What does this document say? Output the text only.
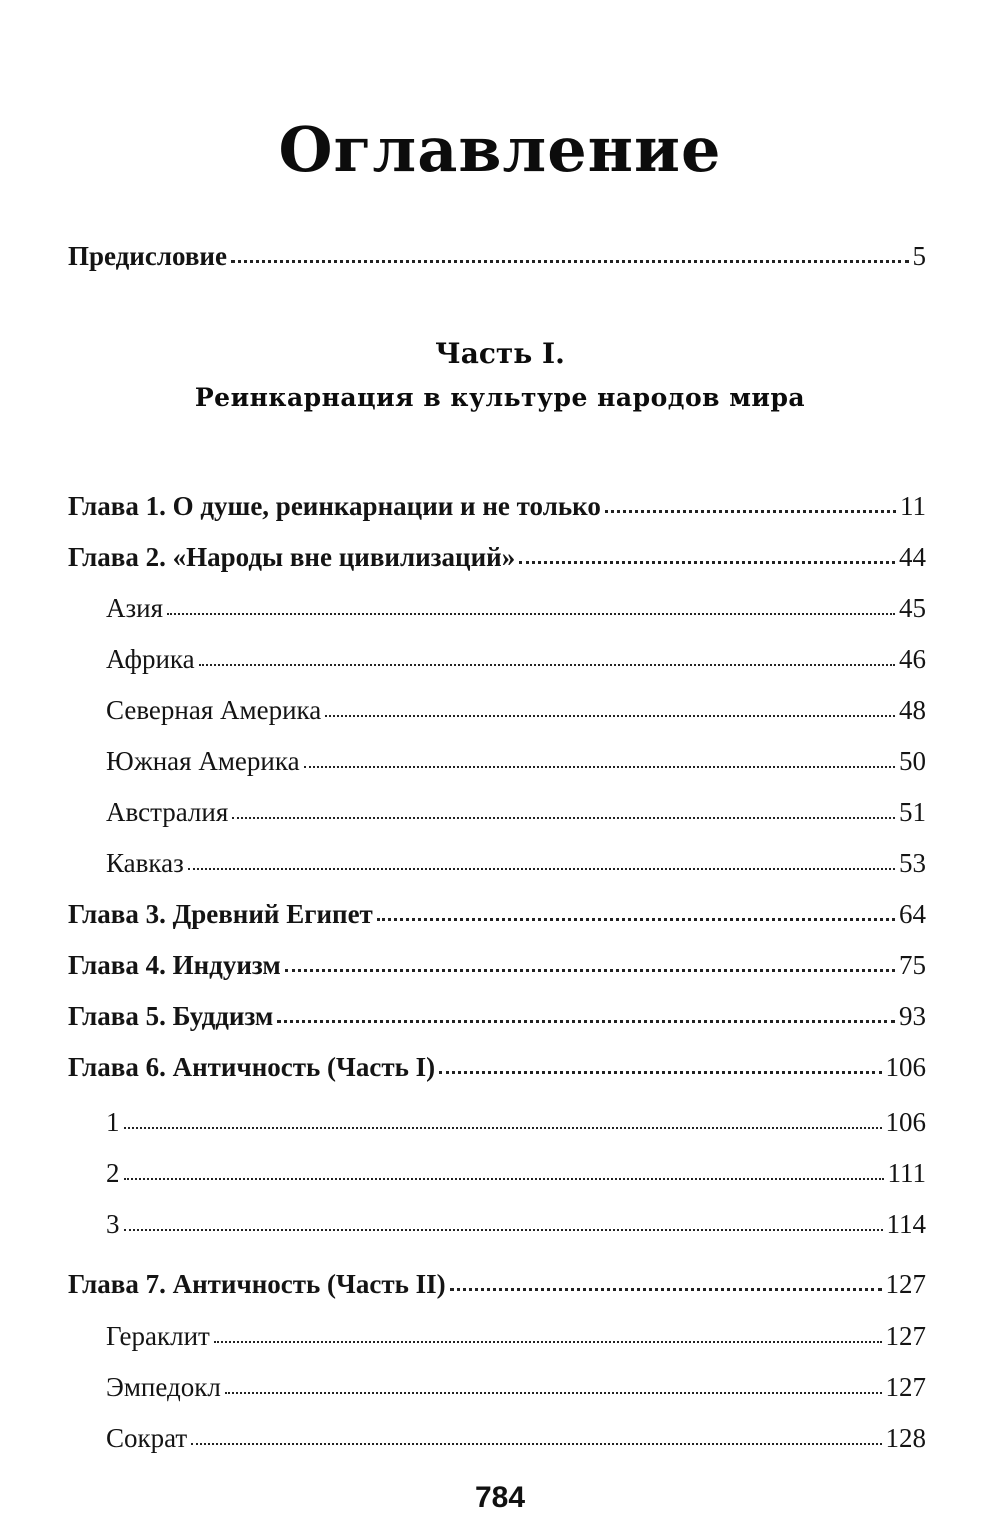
Оглавление
Предисловие	5
Часть I.
Реинкарнация в культуре народов мира
Глава 1. О душе, реинкарнации и не только	11
Глава 2. «Народы вне цивилизаций»	44
Азия	45
Африка	46
Северная Америка	48
Южная Америка	50
Австралия	51
Кавказ	53
Глава 3. Древний Египет	64
Глава 4. Индуизм	75
Глава 5. Буддизм	93
Глава 6. Античность (Часть I)	106
1	106
2	111
3	114
Глава 7. Античность (Часть II)	127
Гераклит	127
Эмпедокл	127
Сократ	128
784
